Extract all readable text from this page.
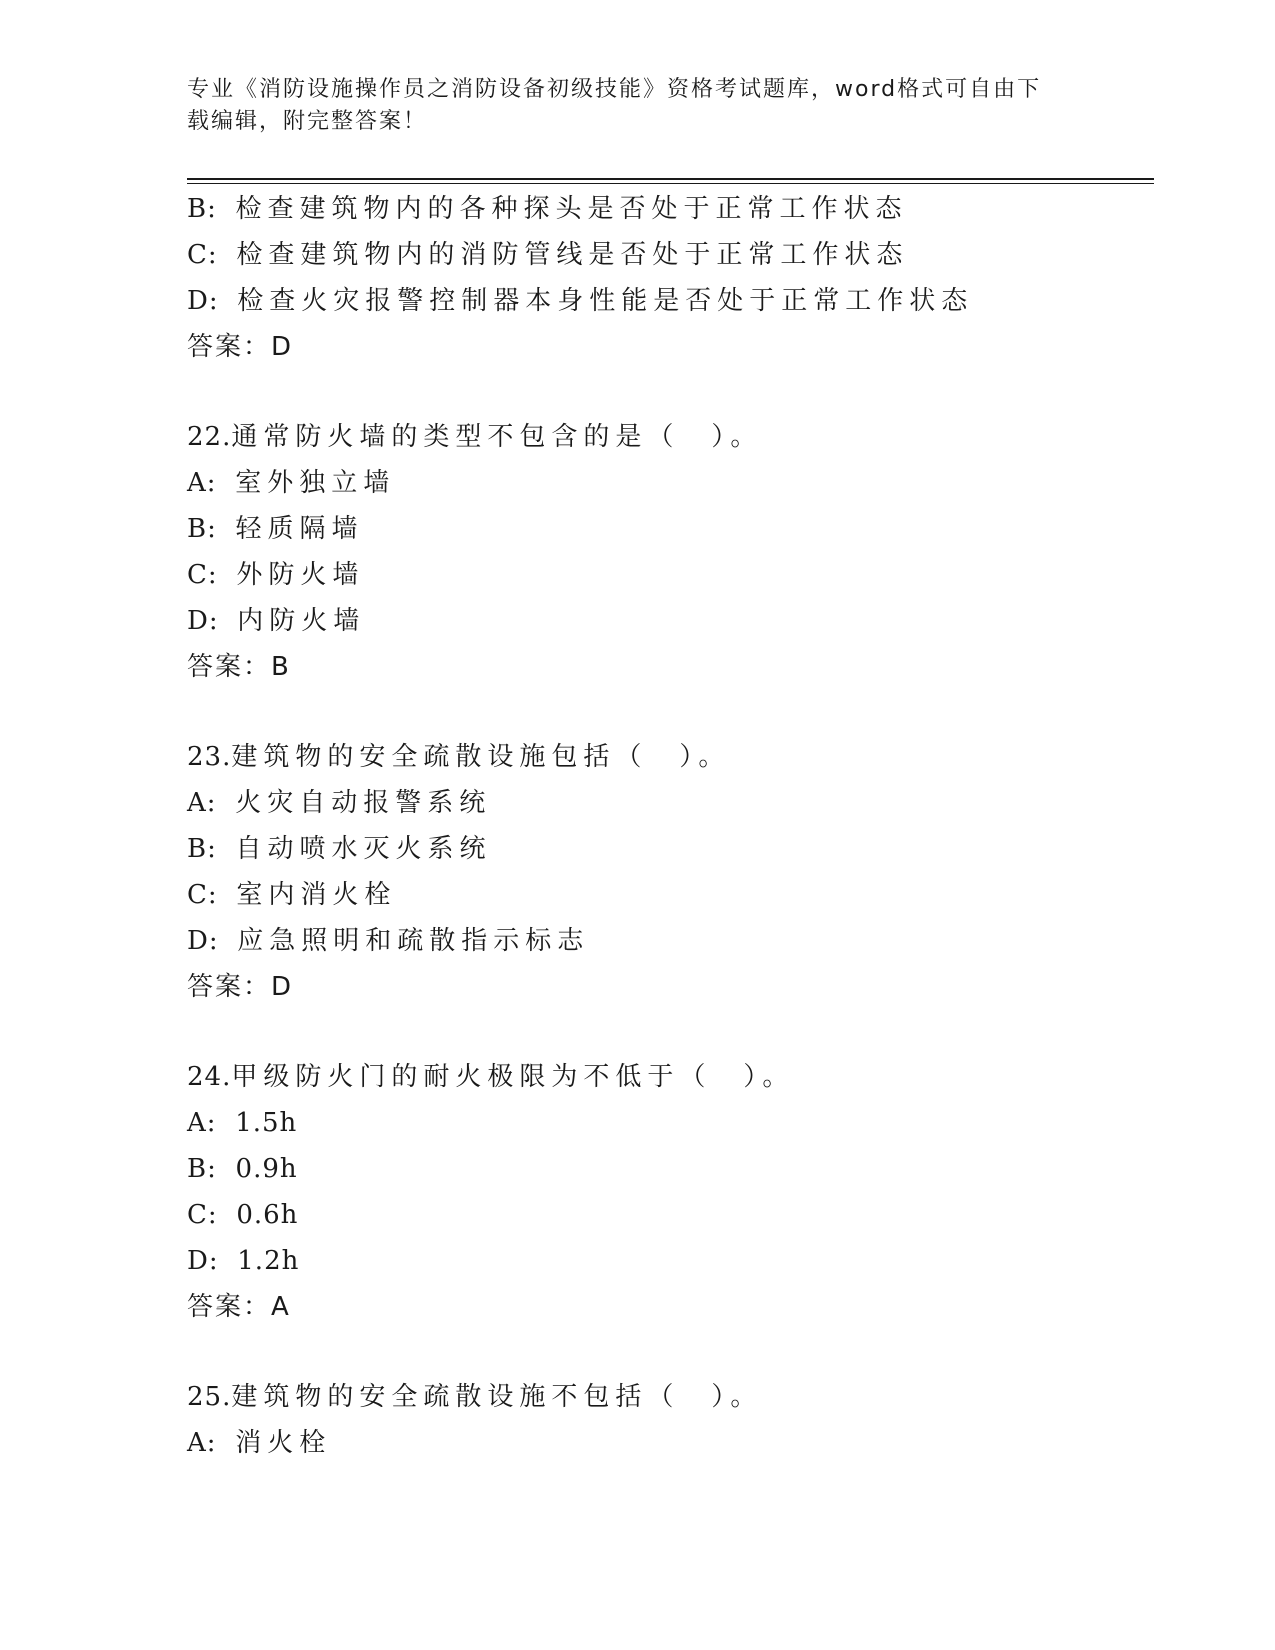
专业《消防设施操作员之消防设备初级技能》资格考试题库，word格式可自由下
载编辑，附完整答案！
B: 检查建筑物内的各种探头是否处于正常工作状态
C: 检查建筑物内的消防管线是否处于正常工作状态
D: 检查火灾报警控制器本身性能是否处于正常工作状态
答案：D
22.通常防火墙的类型不包含的是（　）。
A: 室外独立墙
B: 轻质隔墙
C: 外防火墙
D: 内防火墙
答案：B
23.建筑物的安全疏散设施包括（　）。
A: 火灾自动报警系统
B: 自动喷水灭火系统
C: 室内消火栓
D: 应急照明和疏散指示标志
答案：D
24.甲级防火门的耐火极限为不低于（　）。
A: 1.5h
B: 0.9h
C: 0.6h
D: 1.2h
答案：A
25.建筑物的安全疏散设施不包括（　）。
A: 消火栓
